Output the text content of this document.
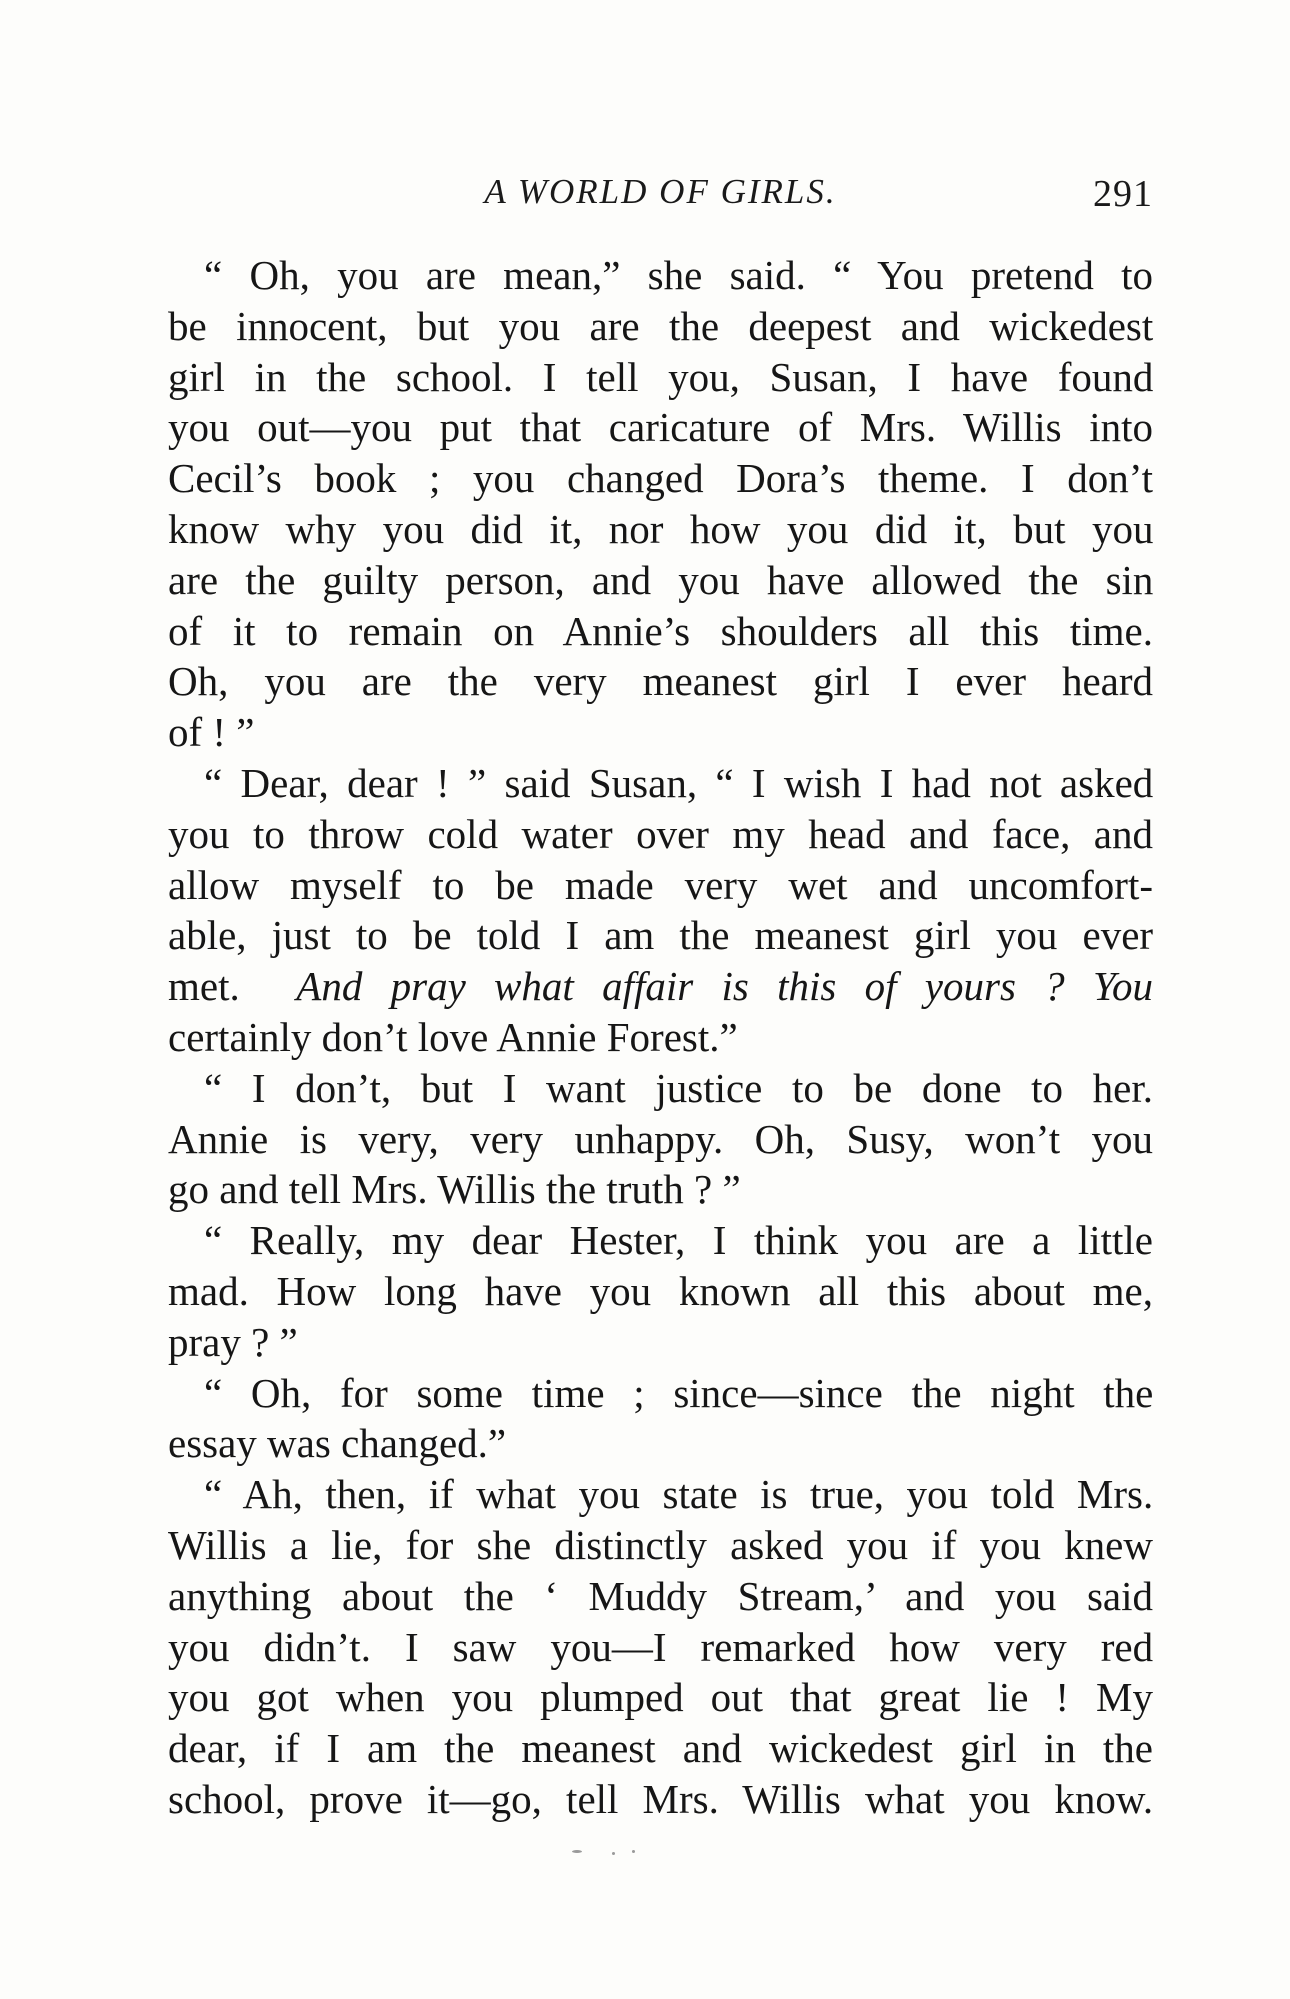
A WORLD OF GIRLS.	291

“ Oh, you are mean,” she said. “ You pretend to
be innocent, but you are the deepest and wickedest
girl in the school. I tell you, Susan, I have found
you out—you put that caricature of Mrs. Willis into
Cecil’s book ; you changed Dora’s theme. I don’t
know why you did it, nor how you did it, but you
are the guilty person, and you have allowed the sin
of it to remain on Annie’s shoulders all this time.
Oh, you are the very meanest girl I ever heard
of ! ”

“ Dear, dear ! ” said Susan, “ I wish I had not asked
you to throw cold water over my head and face, and
allow myself to be made very wet and uncomfort-
able, just to be told I am the meanest girl you ever
met. And pray what affair is this of yours ? You
certainly don’t love Annie Forest.”

“ I don’t, but I want justice to be done to her.
Annie is very, very unhappy. Oh, Susy, won’t you
go and tell Mrs. Willis the truth ? ”

“ Really, my dear Hester, I think you are a little
mad. How long have you known all this about me,
pray ? ”

“ Oh, for some time ; since—since the night the
essay was changed.”

“ Ah, then, if what you state is true, you told Mrs.
Willis a lie, for she distinctly asked you if you knew
anything about the ‘ Muddy Stream,’ and you said
you didn’t. I saw you—I remarked how very red
you got when you plumped out that great lie ! My
dear, if I am the meanest and wickedest girl in the
school, prove it—go, tell Mrs. Willis what you know.
